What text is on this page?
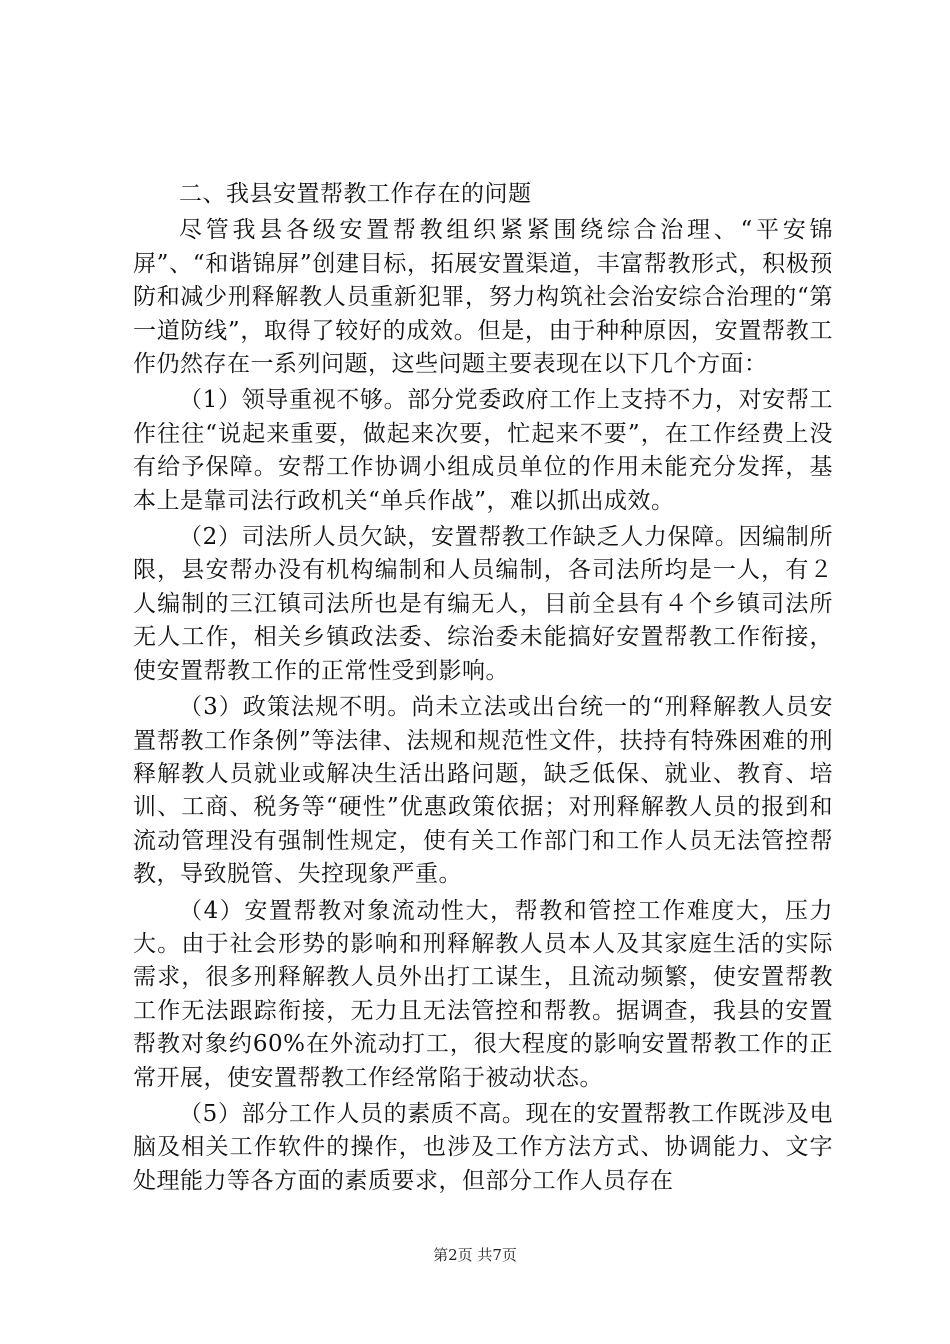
二、我县安置帮教工作存在的问题

尽管我县各级安置帮教组织紧紧围绕综合治理、“平安锦屏”、“和谐锦屏”创建目标，拓展安置渠道，丰富帮教形式，积极预防和减少刑释解教人员重新犯罪，努力构筑社会治安综合治理的“第一道防线”，取得了较好的成效。但是，由于种种原因，安置帮教工作仍然存在一系列问题，这些问题主要表现在以下几个方面：

（1）领导重视不够。部分党委政府工作上支持不力，对安帮工作往往“说起来重要，做起来次要，忙起来不要”，在工作经费上没有给予保障。安帮工作协调小组成员单位的作用未能充分发挥，基本上是靠司法行政机关“单兵作战”，难以抓出成效。

（2）司法所人员欠缺，安置帮教工作缺乏人力保障。因编制所限，县安帮办没有机构编制和人员编制，各司法所均是一人，有２人编制的三江镇司法所也是有编无人，目前全县有４个乡镇司法所无人工作，相关乡镇政法委、综治委未能搞好安置帮教工作衔接，使安置帮教工作的正常性受到影响。

（3）政策法规不明。尚未立法或出台统一的“刑释解教人员安置帮教工作条例”等法律、法规和规范性文件，扶持有特殊困难的刑释解教人员就业或解决生活出路问题，缺乏低保、就业、教育、培训、工商、税务等“硬性”优惠政策依据；对刑释解教人员的报到和流动管理没有强制性规定，使有关工作部门和工作人员无法管控帮教，导致脱管、失控现象严重。

（4）安置帮教对象流动性大，帮教和管控工作难度大，压力大。由于社会形势的影响和刑释解教人员本人及其家庭生活的实际需求，很多刑释解教人员外出打工谋生，且流动频繁，使安置帮教工作无法跟踪衔接，无力且无法管控和帮教。据调查，我县的安置帮教对象约60%在外流动打工，很大程度的影响安置帮教工作的正常开展，使安置帮教工作经常陷于被动状态。

（5）部分工作人员的素质不高。现在的安置帮教工作既涉及电脑及相关工作软件的操作，也涉及工作方法方式、协调能力、文字处理能力等各方面的素质要求，但部分工作人员存在

第2页 共7页
